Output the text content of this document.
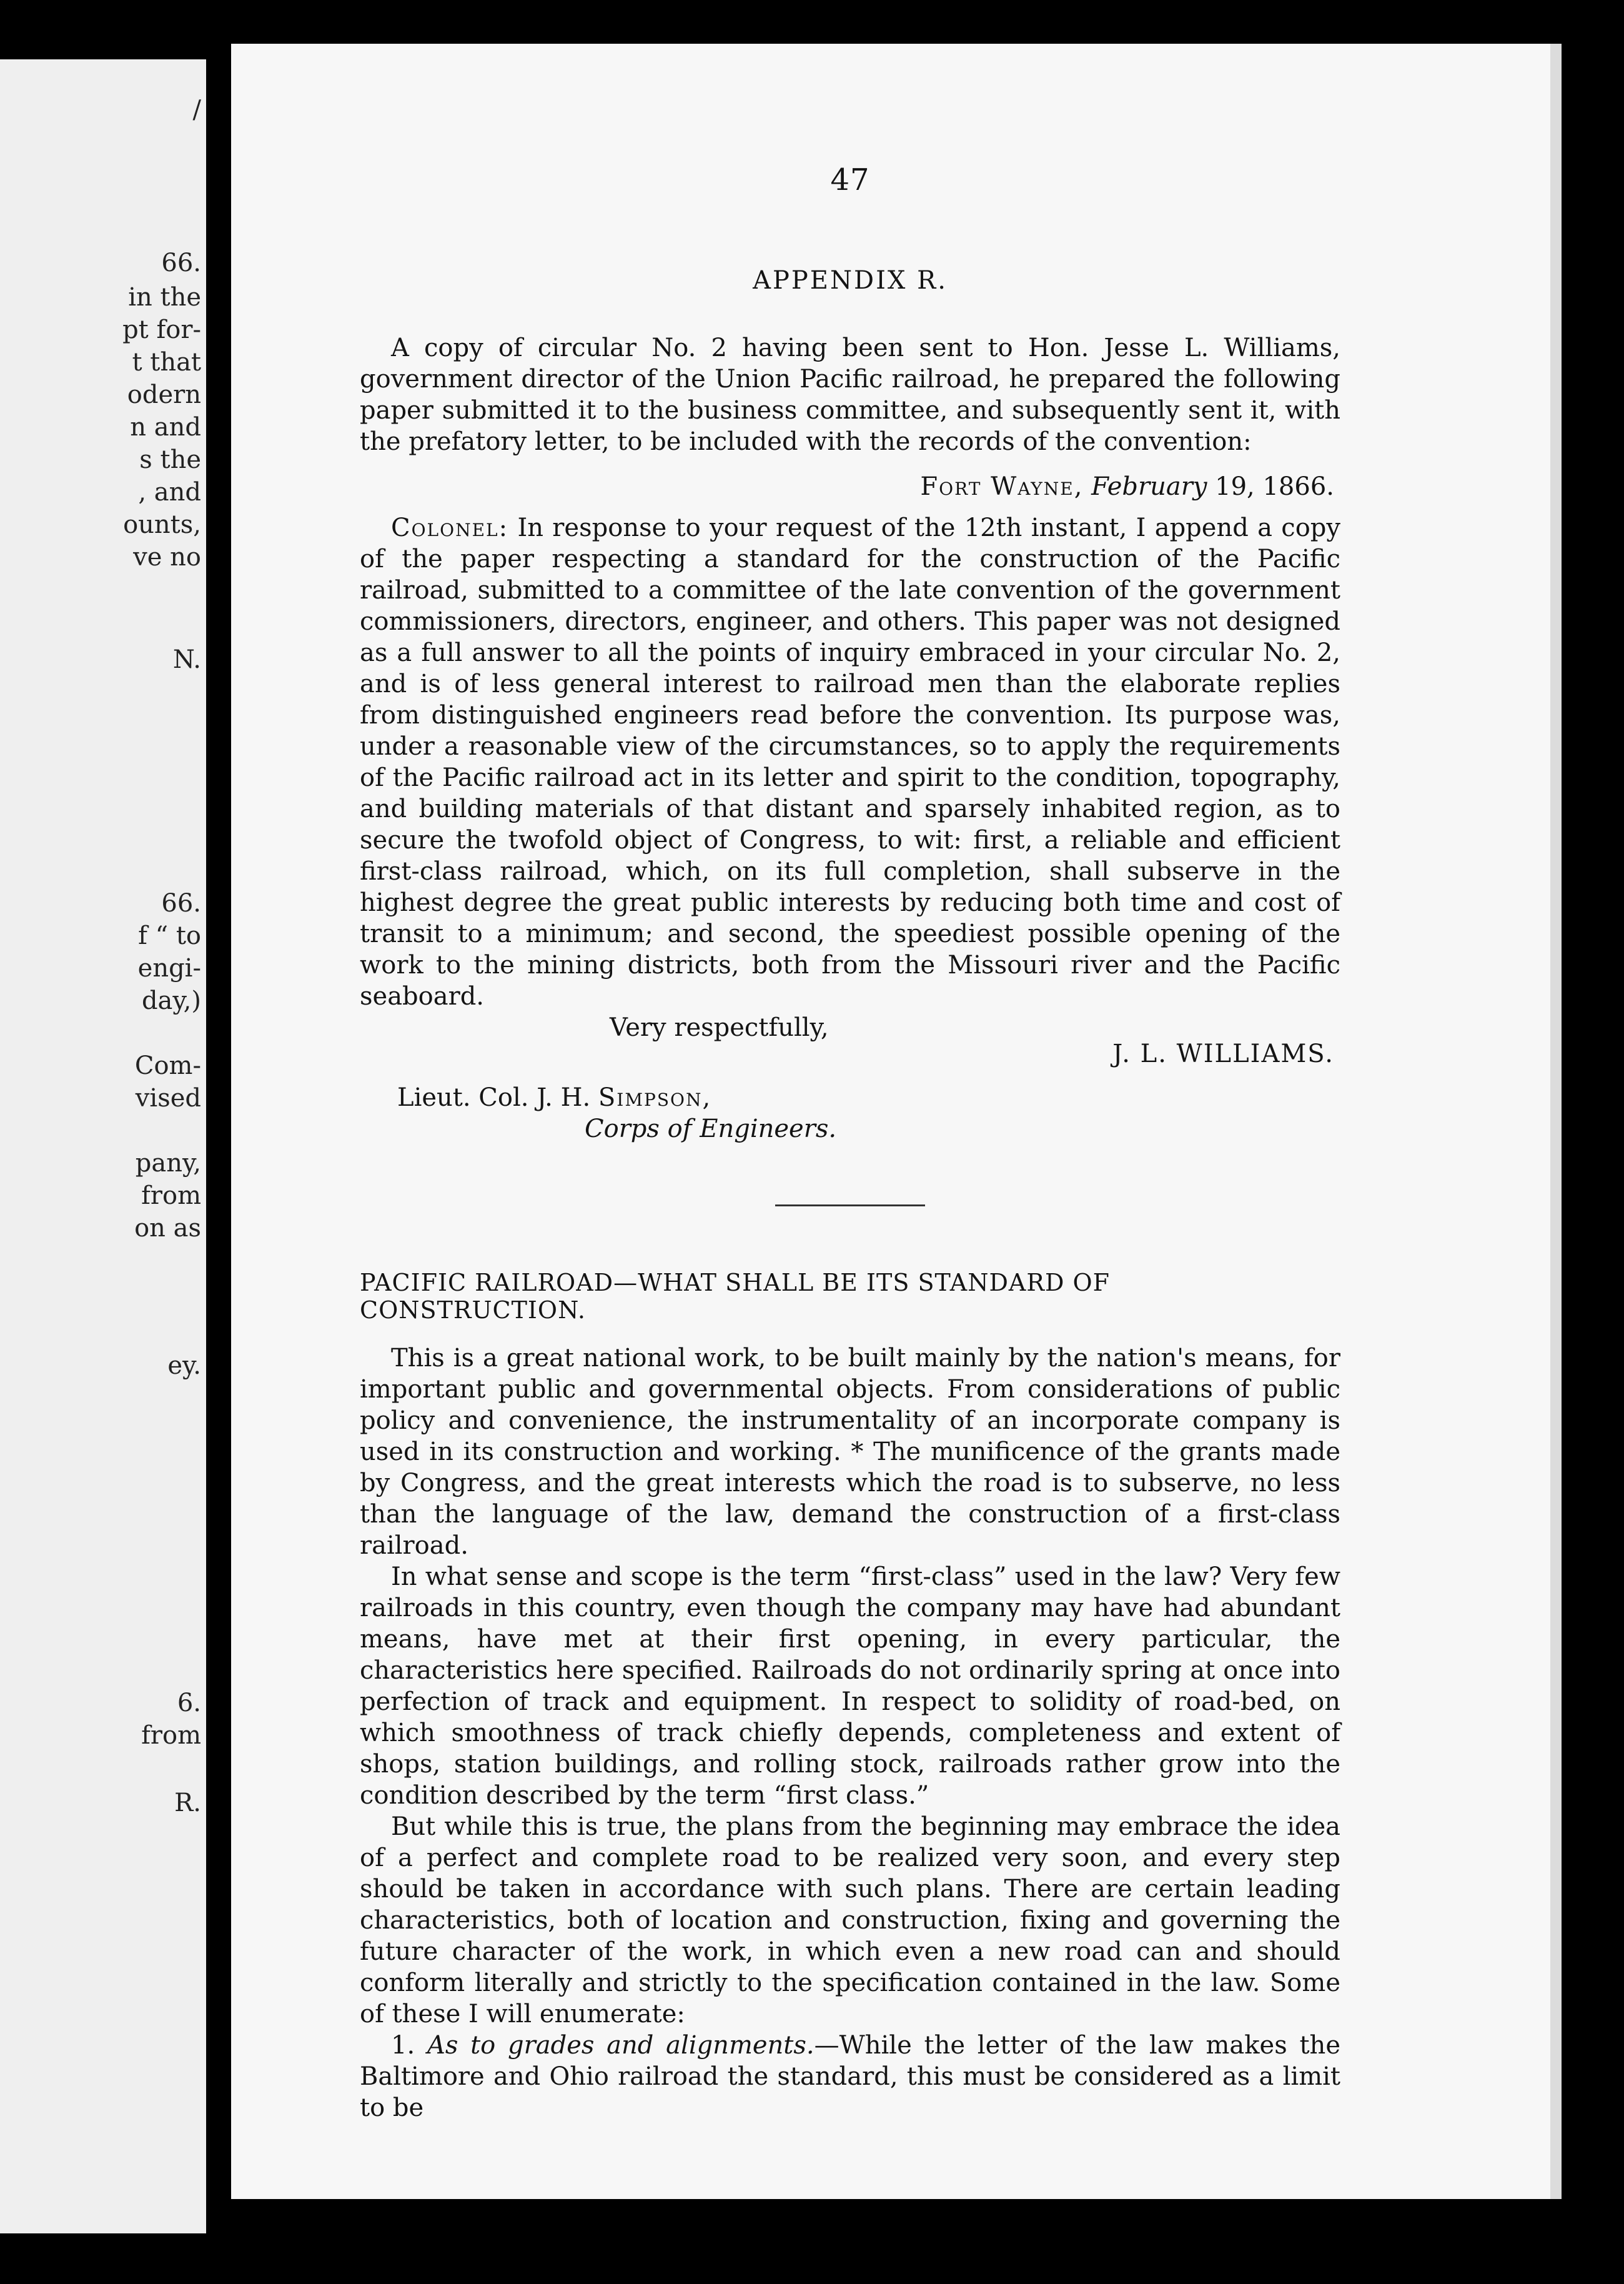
/
66.
in the
pt for-
t that
odern
n and
s the
, and
ounts,
ve no
N.
66.
f “ to
engi-
day,)
Com-
vised
pany,
from
on as
ey.
6.
from
R.
47
APPENDIX R.

A copy of circular No. 2 having been sent to Hon. Jesse L. Williams, government director of the Union Pacific railroad, he prepared the following paper submitted it to the business committee, and subsequently sent it, with the prefatory letter, to be included with the records of the convention:

Fort Wayne, February 19, 1866.

Colonel: In response to your request of the 12th instant, I append a copy of the paper respecting a standard for the construction of the Pacific railroad, submitted to a committee of the late convention of the government commissioners, directors, engineer, and others. This paper was not designed as a full answer to all the points of inquiry embraced in your circular No. 2, and is of less general interest to railroad men than the elaborate replies from distinguished engineers read before the convention. Its purpose was, under a reasonable view of the circumstances, so to apply the requirements of the Pacific railroad act in its letter and spirit to the condition, topography, and building materials of that distant and sparsely inhabited region, as to secure the twofold object of Congress, to wit: first, a reliable and efficient first-class railroad, which, on its full completion, shall subserve in the highest degree the great public interests by reducing both time and cost of transit to a minimum; and second, the speediest possible opening of the work to the mining districts, both from the Missouri river and the Pacific seaboard.

Very respectfully,

J. L. WILLIAMS.

Lieut. Col. J. H. Simpson,

Corps of Engineers.

PACIFIC RAILROAD—WHAT SHALL BE ITS STANDARD OF CONSTRUCTION.

This is a great national work, to be built mainly by the nation's means, for important public and governmental objects. From considerations of public policy and convenience, the instrumentality of an incorporate company is used in its construction and working. * The munificence of the grants made by Congress, and the great interests which the road is to subserve, no less than the language of the law, demand the construction of a first-class railroad.

In what sense and scope is the term “first-class” used in the law? Very few railroads in this country, even though the company may have had abundant means, have met at their first opening, in every particular, the characteristics here specified. Railroads do not ordinarily spring at once into perfection of track and equipment. In respect to solidity of road-bed, on which smoothness of track chiefly depends, completeness and extent of shops, station buildings, and rolling stock, railroads rather grow into the condition described by the term “first class.”

But while this is true, the plans from the beginning may embrace the idea of a perfect and complete road to be realized very soon, and every step should be taken in accordance with such plans. There are certain leading characteristics, both of location and construction, fixing and governing the future character of the work, in which even a new road can and should conform literally and strictly to the specification contained in the law. Some of these I will enumerate:

1. As to grades and alignments.—While the letter of the law makes the Baltimore and Ohio railroad the standard, this must be considered as a limit to be
